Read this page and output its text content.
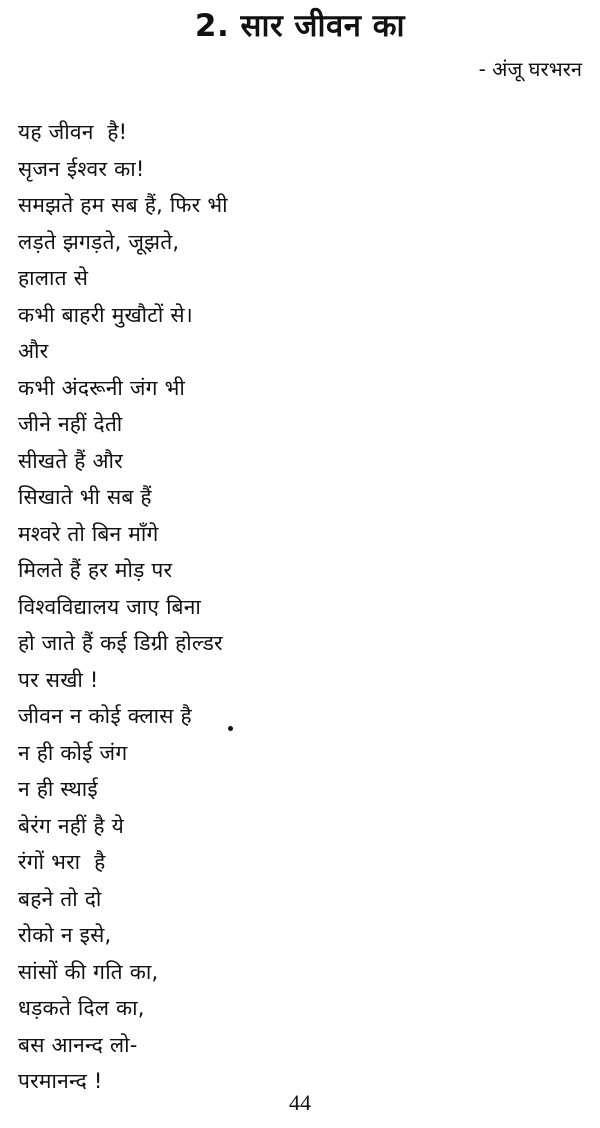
2. सार जीवन का
- अंजू घरभरन
यह जीवन  है!
सृजन ईश्वर का!
समझते हम सब हैं, फिर भी
लड़ते झगड़ते, जूझते,
हालात से
कभी बाहरी मुखौटों से।
और
कभी अंदरूनी जंग भी
जीने नहीं देती
सीखते हैं और
सिखाते भी सब हैं
मश्वरे तो बिन माँगे
मिलते हैं हर मोड़ पर
विश्वविद्यालय जाए बिना
हो जाते हैं कई डिग्री होल्डर
पर सखी !
जीवन न कोई क्लास है
न ही कोई जंग
न ही स्थाई
बेरंग नहीं है ये
रंगों भरा  है
बहने तो दो
रोको न इसे,
सांसों की गति का,
धड़कते दिल का,
बस आनन्द लो-
परमानन्द !
44
